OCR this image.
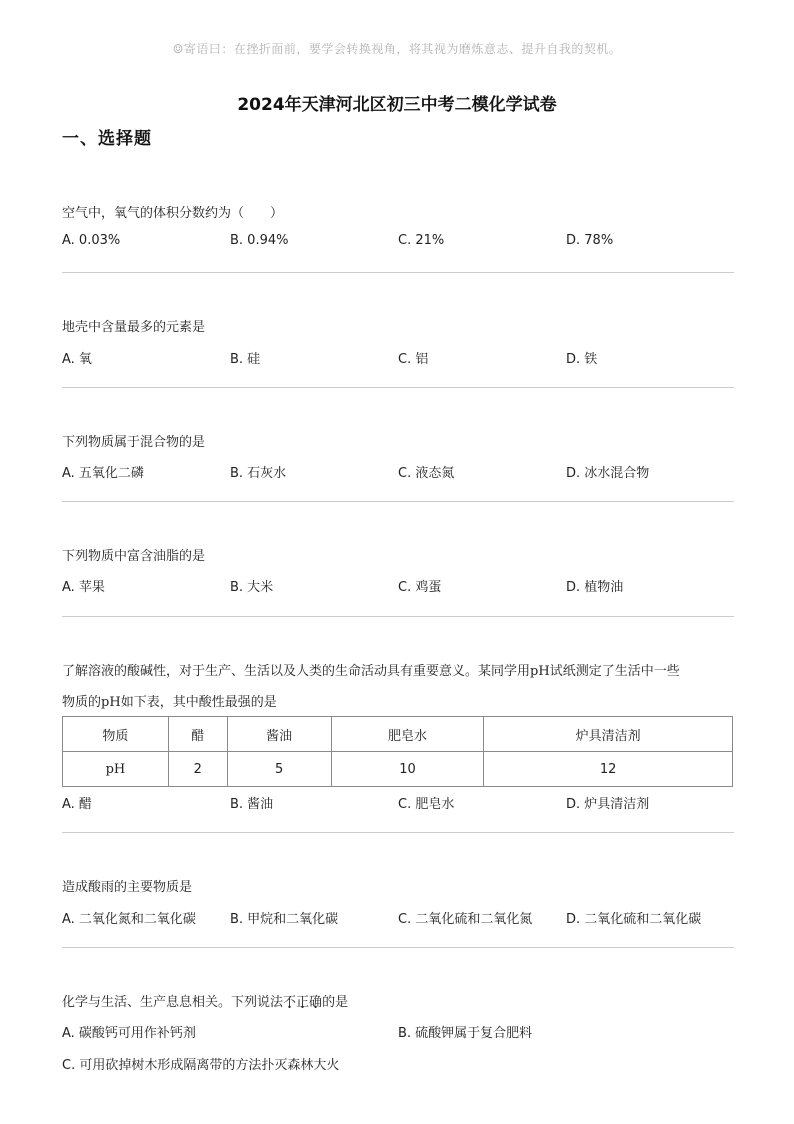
☺寄语曰：在挫折面前，要学会转换视角，将其视为磨炼意志、提升自我的契机。
2024年天津河北区初三中考二模化学试卷
一、选择题
空气中，氧气的体积分数约为（　　）
A. 0.03%	B. 0.94%	C. 21%	D. 78%
地壳中含量最多的元素是
A. 氧	B. 硅	C. 铝	D. 铁
下列物质属于混合物的是
A. 五氧化二磷	B. 石灰水	C. 液态氮	D. 冰水混合物
下列物质中富含油脂的是
A. 苹果	B. 大米	C. 鸡蛋	D. 植物油
了解溶液的酸碱性，对于生产、生活以及人类的生命活动具有重要意义。某同学用pH试纸测定了生活中一些
物质的pH如下表，其中酸性最强的是
物质	醋	酱油	肥皂水	炉具清洁剂
pH	2	5	10	12
A. 醋	B. 酱油	C. 肥皂水	D. 炉具清洁剂
造成酸雨的主要物质是
A. 二氧化氮和二氧化碳	B. 甲烷和二氧化碳	C. 二氧化硫和二氧化氮	D. 二氧化硫和二氧化碳
化学与生活、生产息息相关。下列说法不正确的是
A. 碳酸钙可用作补钙剂	B. 硫酸钾属于复合肥料
C. 可用砍掉树木形成隔离带的方法扑灭森林大火
